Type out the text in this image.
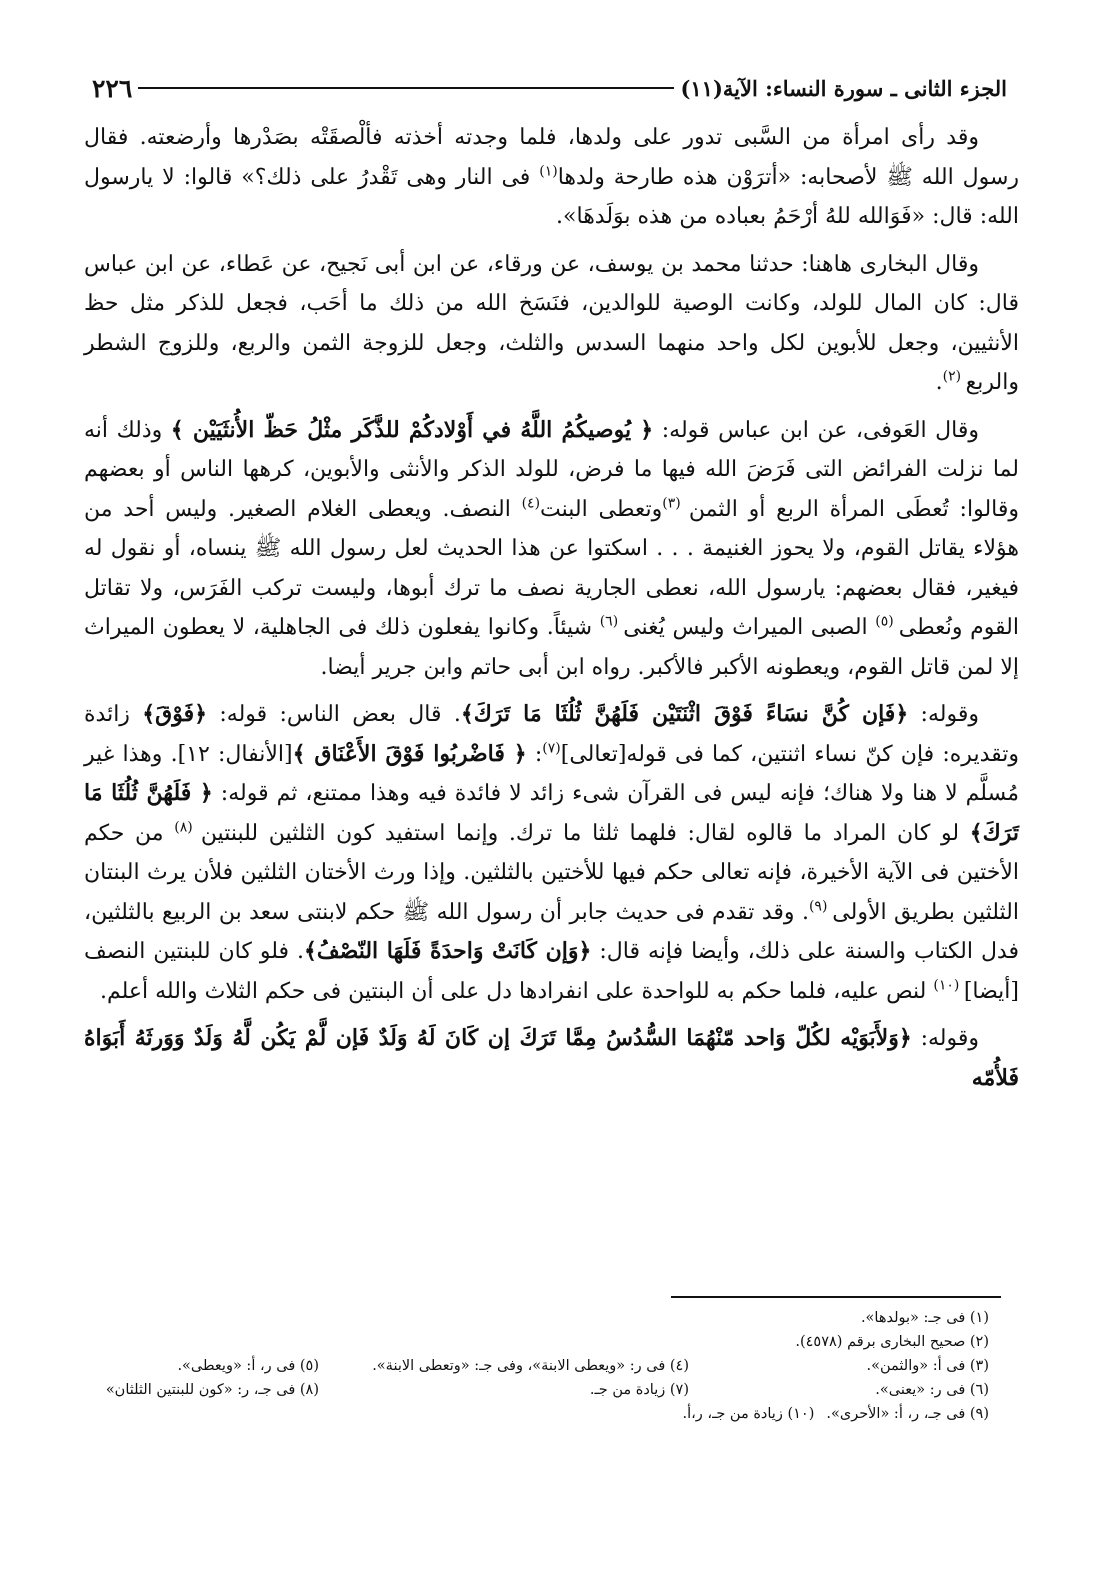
الجزء الثانى ـ سورة النساء: الآية(١١)
٢٢٦

وقد رأى امرأة من السَّبى تدور على ولدها، فلما وجدته أخذته فألْصقَتْه بصَدْرها وأرضعته. فقال رسول الله ﷺ لأصحابه: «أترَوْن هذه طارحة ولدها$^{(١)}$ فى النار وهى تَقْدرُ على ذلك؟» قالوا: لا يارسول الله: قال: «فَوَالله للهُ أرْحَمُ بعباده من هذه بوَلَدهَا».

وقال البخارى هاهنا: حدثنا محمد بن يوسف، عن ورقاء، عن ابن أبى نَجيح، عن عَطاء، عن ابن عباس قال: كان المال للولد، وكانت الوصية للوالدين، فنَسَخ الله من ذلك ما أحَب، فجعل للذكر مثل حظ الأنثيين، وجعل للأبوين لكل واحد منهما السدس والثلث، وجعل للزوجة الثمن والربع، وللزوج الشطر والربع $^{(٢)}$.

وقال العَوفى، عن ابن عباس قوله: ﴿ يُوصيكُمُ اللَّهُ في أَوْلادكُمْ للذَّكَر مثْلُ حَظّ الأُنثَيَيْن ﴾ وذلك أنه لما نزلت الفرائض التى فَرَضَ الله فيها ما فرض، للولد الذكر والأنثى والأبوين، كرهها الناس أو بعضهم وقالوا: تُعطَى المرأة الربع أو الثمن $^{(٣)}$وتعطى البنت$^{(٤)}$ النصف. ويعطى الغلام الصغير. وليس أحد من هؤلاء يقاتل القوم، ولا يحوز الغنيمة . . . اسكتوا عن هذا الحديث لعل رسول الله ﷺ ينساه، أو نقول له فيغير، فقال بعضهم: يارسول الله، نعطى الجارية نصف ما ترك أبوها، وليست تركب الفَرَس، ولا تقاتل القوم ونُعطى $^{(٥)}$ الصبى الميراث وليس يُغنى $^{(٦)}$ شيئاً. وكانوا يفعلون ذلك فى الجاهلية، لا يعطون الميراث إلا لمن قاتل القوم، ويعطونه الأكبر فالأكبر. رواه ابن أبى حاتم وابن جرير أيضا.

وقوله: ﴿فَإن كُنَّ نسَاءً فَوْقَ اثْنَتَيْن فَلَهُنَّ ثُلُثَا مَا تَرَكَ﴾. قال بعض الناس: قوله: ﴿فَوْقَ﴾ زائدة وتقديره: فإن كنّ نساء اثنتين، كما فى قوله[تعالى]$^{(٧)}$: ﴿ فَاضْربُوا فَوْقَ الأَعْنَاق ﴾[الأنفال: ١٢]. وهذا غير مُسلَّم لا هنا ولا هناك؛ فإنه ليس فى القرآن شىء زائد لا فائدة فيه وهذا ممتنع، ثم قوله: ﴿ فَلَهُنَّ ثُلُثَا مَا تَرَكَ﴾ لو كان المراد ما قالوه لقال: فلهما ثلثا ما ترك. وإنما استفيد كون الثلثين للبنتين $^{(٨)}$ من حكم الأختين فى الآية الأخيرة، فإنه تعالى حكم فيها للأختين بالثلثين. وإذا ورث الأختان الثلثين فلأن يرث البنتان الثلثين بطريق الأولى $^{(٩)}$. وقد تقدم فى حديث جابر أن رسول الله ﷺ حكم لابنتى سعد بن الربيع بالثلثين، فدل الكتاب والسنة على ذلك، وأيضا فإنه قال: ﴿وَإن كَانَتْ وَاحدَةً فَلَهَا النّصْفُ﴾. فلو كان للبنتين النصف [أيضا] $^{(١٠)}$ لنص عليه، فلما حكم به للواحدة على انفرادها دل على أن البنتين فى حكم الثلاث والله أعلم.

وقوله: ﴿وَلأَبَوَيْه لكُلّ وَاحد مّنْهُمَا السُّدُسُ مِمَّا تَرَكَ إن كَانَ لَهُ وَلَدٌ فَإن لَّمْ يَكُن لَّهُ وَلَدٌ وَوَرثَهُ أَبَوَاهُ فَلأُمّه

(١) فى جـ: «بولدها».
(٢) صحيح البخارى برقم (٤٥٧٨).
(٣) فى أ: «والثمن».
(٤) فى ر: «ويعطى الابنة»، وفى جـ: «وتعطى الابنة».
(٥) فى ر، أ: «ويعطى».
(٦) فى ر: «يعنى».
(٧) زيادة من جـ.
(٨) فى جـ، ر: «كون للبنتين الثلثان»
(٩) فى جـ، ر، أ: «الأحرى».
(١٠) زيادة من جـ، ر،أ.
